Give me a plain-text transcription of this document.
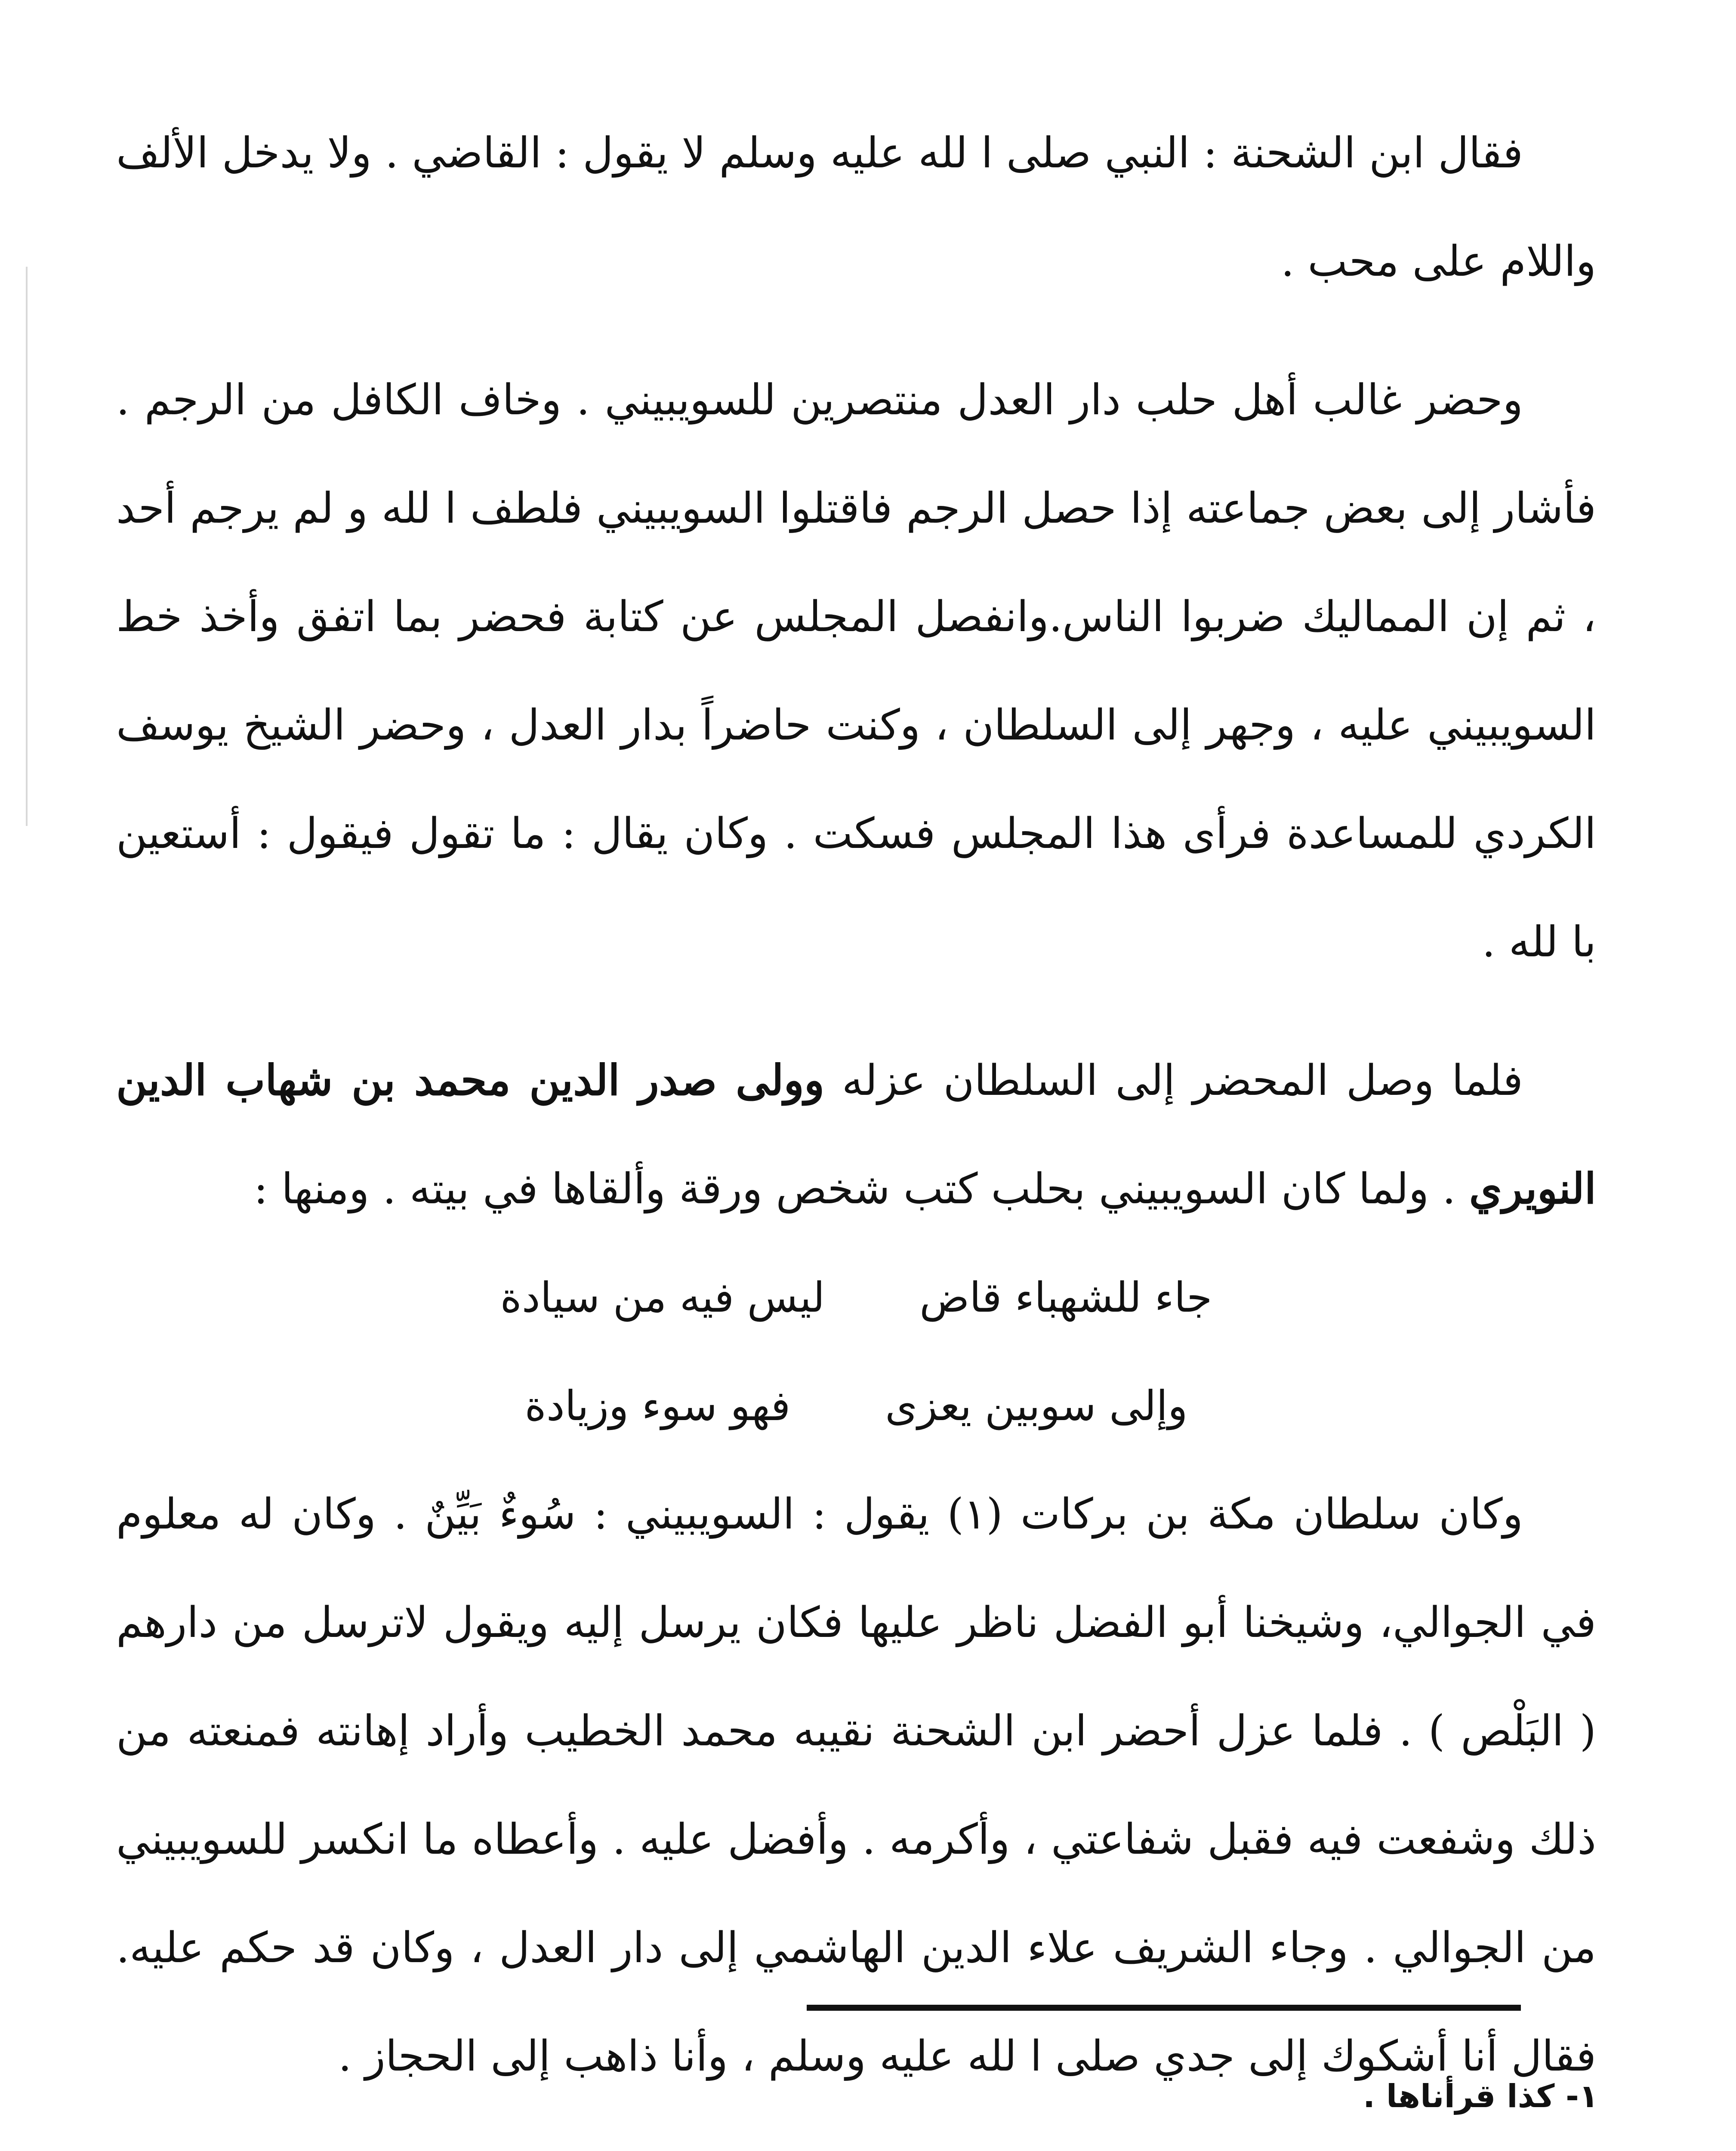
فقال ابن الشحنة : النبي صلى ا لله عليه وسلم لا يقول : القاضي . ولا يدخل الألف واللام على محب .

وحضر غالب أهل حلب دار العدل منتصرين للسويبيني . وخاف الكافل من الرجم . فأشار إلى بعض جماعته إذا حصل الرجم فاقتلوا السويبيني فلطف ا لله و لم يرجم أحد ، ثم إن المماليك ضربوا الناس.وانفصل المجلس عن كتابة فحضر بما اتفق وأخذ خط السويبيني عليه ، وجهر إلى السلطان ، وكنت حاضراً بدار العدل ، وحضر الشيخ يوسف الكردي للمساعدة فرأى هذا المجلس فسكت . وكان يقال : ما تقول فيقول : أستعين با لله .

فلما وصل المحضر إلى السلطان عزله وولى صدر الدين محمد بن شهاب الدين النويري . ولما كان السويبيني بحلب كتب شخص ورقة وألقاها في بيته . ومنها :

جاء للشهباء قاض
ليس فيه من سيادة
وإلى سوبين يعزى
فهو سوء وزيادة

وكان سلطان مكة بن بركات (١) يقول : السويبيني : سُوءٌ بَيِّنٌ . وكان له معلوم في الجوالي، وشيخنا أبو الفضل ناظر عليها فكان يرسل إليه ويقول لاترسل من دارهم ( البَلْص ) . فلما عزل أحضر ابن الشحنة نقيبه محمد الخطيب وأراد إهانته فمنعته من ذلك وشفعت فيه فقبل شفاعتي ، وأكرمه . وأفضل عليه . وأعطاه ما انكسر للسويبيني من الجوالي . وجاء الشريف علاء الدين الهاشمي إلى دار العدل ، وكان قد حكم عليه. فقال أنا أشكوك إلى جدي صلى ا لله عليه وسلم ، وأنا ذاهب إلى الحجاز .

١- كذا قرأناها .
